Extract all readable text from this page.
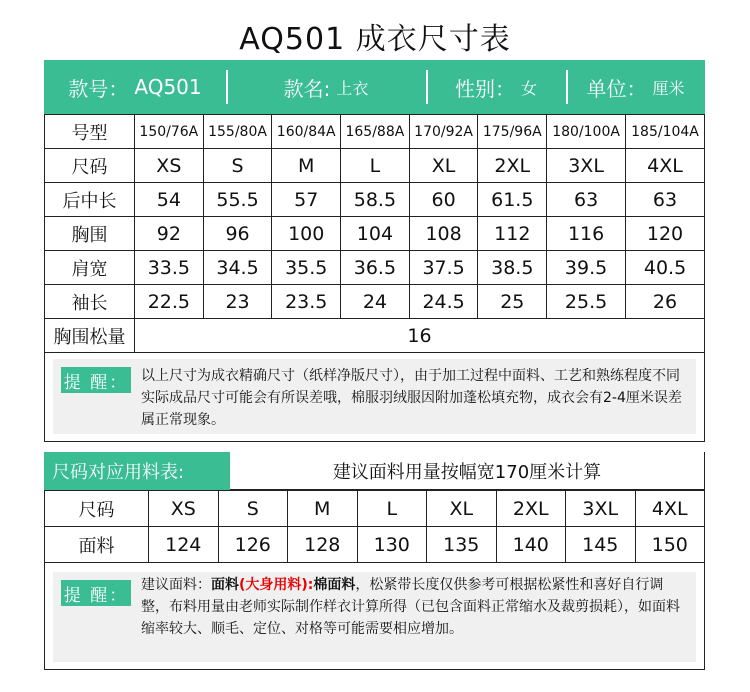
AQ501 成衣尺寸表
款号： AQ501	款名: 上衣	性别： 女 单位： 厘米
号型	150/76A	155/80A	160/84A	165/88A	170/92A	175/96A	180/100A	185/104A
尺码	XS	S	M	L	XL	2XL	3XL	4XL
后中长	54	55.5	57	58.5	60	61.5	63	63
胸围	92	96	100	104	108	112	116	120
肩宽	33.5	34.5	35.5	36.5	37.5	38.5	39.5	40.5
袖长	22.5	23	23.5	24	24.5	25	25.5	26
胸围松量	16							
提 醒： 以上尺寸为成衣精确尺寸（纸样净版尺寸），由于加工过程中面料、工艺和熟练程度不同实际成品尺寸可能会有所误差哦，棉服羽绒服因附加蓬松填充物，成衣会有2-4厘米误差属正常现象。
尺码对应用料表:	建议面料用量按幅宽170厘米计算
尺码	XS	S	M	L	XL	2XL	3XL	4XL
面料	124	126	128	130	135	140	145	150
提 醒：
建议面料：面料(大身用料):棉面料，松紧带长度仅供参考可根据松紧性和喜好自行调整，布料用量由老师实际制作样衣计算所得（已包含面料正常缩水及裁剪损耗），如面料缩率较大、顺毛、定位、对格等可能需要相应增加。
